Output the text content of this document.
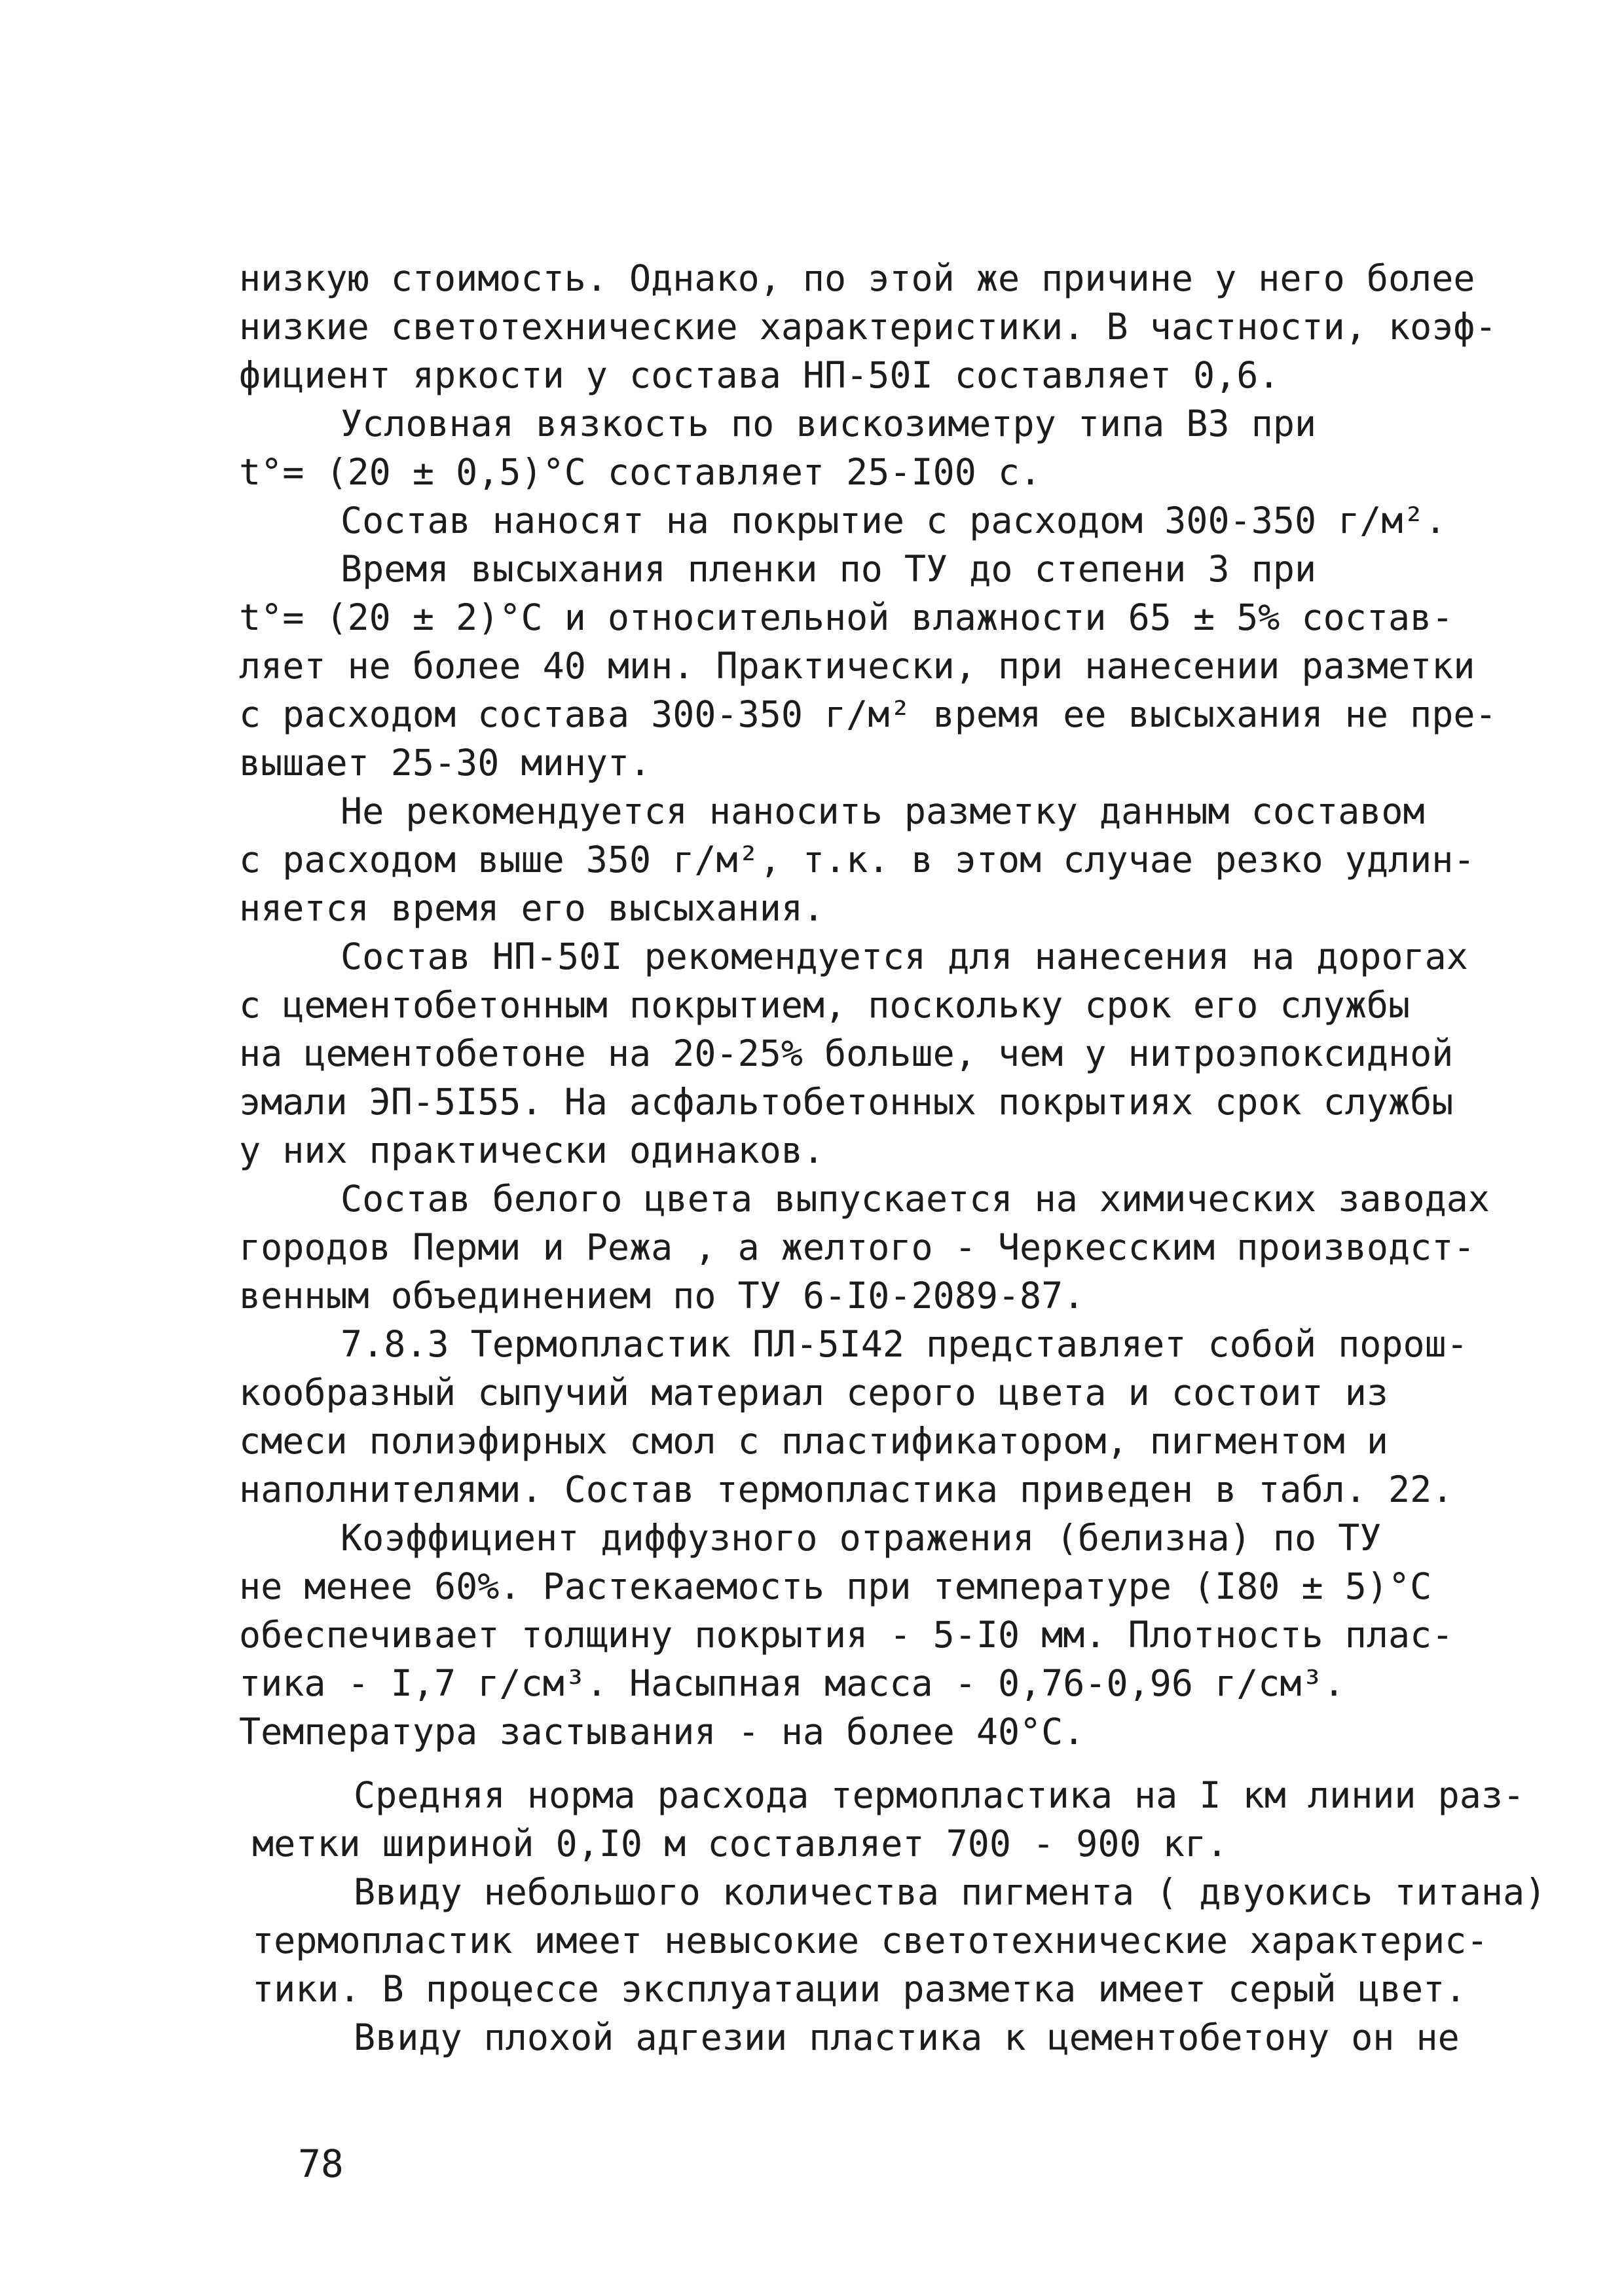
низкую стоимость. Однако, по этой же причине у него более
низкие светотехнические характеристики. В частности, коэф-
фициент яркости у состава НП-50I составляет 0,6.
Условная вязкость по вискозиметру типа ВЗ при
t°= (20 ± 0,5)°C составляет 25-I00 с.
Состав наносят на покрытие с расходом 300-350 г/м².
Время высыхания пленки по ТУ до степени 3 при
t°= (20 ± 2)°C и относительной влажности 65 ± 5% состав-
ляет не более 40 мин. Практически, при нанесении разметки
с расходом состава 300-350 г/м² время ее высыхания не пре-
вышает 25-30 минут.
Не рекомендуется наносить разметку данным составом
с расходом выше 350 г/м², т.к. в этом случае резко удлин-
няется время его высыхания.
Состав НП-50I рекомендуется для нанесения на дорогах
с цементобетонным покрытием, поскольку срок его службы
на цементобетоне на 20-25% больше, чем у нитроэпоксидной
эмали ЭП-5I55. На асфальтобетонных покрытиях срок службы
у них практически одинаков.
Состав белого цвета выпускается на химических заводах
городов Перми и Режа , а желтого - Черкесским производст-
венным объединением по ТУ 6-I0-2089-87.
7.8.3 Термопластик ПЛ-5I42 представляет собой порош-
кообразный сыпучий материал серого цвета и состоит из
смеси полиэфирных смол с пластификатором, пигментом и
наполнителями. Состав термопластика приведен в табл. 22.
Коэффициент диффузного отражения (белизна) по ТУ
не менее 60%. Растекаемость при температуре (I80 ± 5)°C
обеспечивает толщину покрытия - 5-I0 мм. Плотность плас-
тика - I,7 г/см³. Насыпная масса - 0,76-0,96 г/см³.
Температура застывания - на более 40°C.
Средняя норма расхода термопластика на I км линии раз-
метки шириной 0,I0 м составляет 700 - 900 кг.
Ввиду небольшого количества пигмента ( двуокись титана)
термопластик имеет невысокие светотехнические характерис-
тики. В процессе эксплуатации разметка имеет серый цвет.
Ввиду плохой адгезии пластика к цементобетону он не
78
